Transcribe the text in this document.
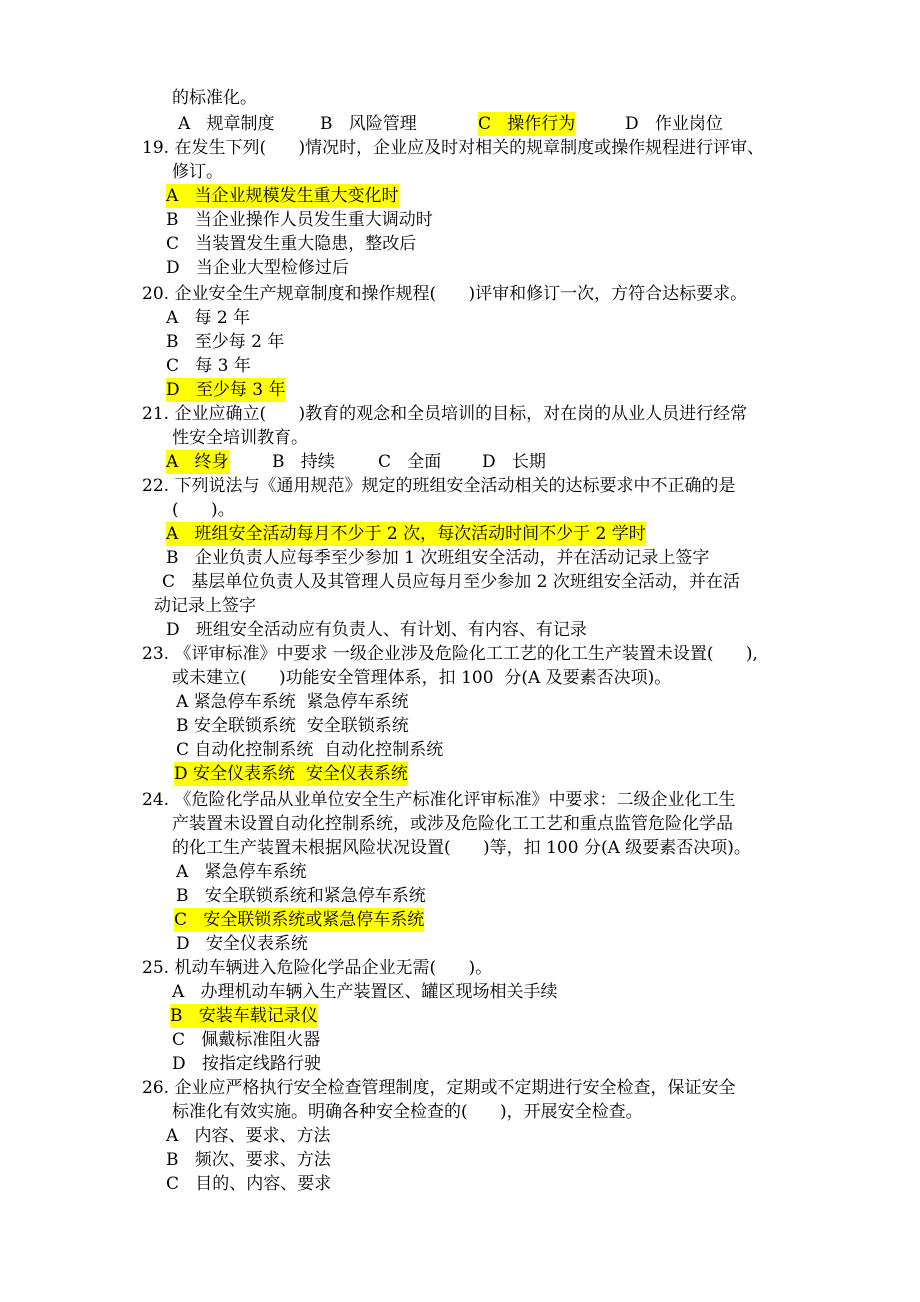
的标准化。
A 规章制度	B 风险管理	C 操作行为	D 作业岗位
19. 在发生下列(      )情况时，企业应及时对相关的规章制度或操作规程进行评审、
修订。
A 当企业规模发生重大变化时
B 当企业操作人员发生重大调动时
C 当装置发生重大隐患，整改后
D 当企业大型检修过后
20. 企业安全生产规章制度和操作规程(      )评审和修订一次，方符合达标要求。
A 每 2 年
B 至少每 2 年
C 每 3 年
D 至少每 3 年
21. 企业应确立(      )教育的观念和全员培训的目标，对在岗的从业人员进行经常
性安全培训教育。
A 终身	B 持续	C 全面 D 长期
22. 下列说法与《通用规范》规定的班组安全活动相关的达标要求中不正确的是
(      )。
A 班组安全活动每月不少于 2 次，每次活动时间不少于 2 学时
B 企业负责人应每季至少参加 1 次班组安全活动，并在活动记录上签字
C 基层单位负责人及其管理人员应每月至少参加 2 次班组安全活动，并在活
动记录上签字
D 班组安全活动应有负责人、有计划、有内容、有记录
23. 《评审标准》中要求 一级企业涉及危险化工工艺的化工生产装置未设置(      ),
或未建立(      )功能安全管理体系，扣 100  分(A 及要素否决项)。
A 紧急停车系统  紧急停车系统
B 安全联锁系统  安全联锁系统
C 自动化控制系统  自动化控制系统
D 安全仪表系统  安全仪表系统
24. 《危险化学品从业单位安全生产标准化评审标准》中要求：二级企业化工生
产装置未设置自动化控制系统，或涉及危险化工工艺和重点监管危险化学品
的化工生产装置未根据风险状况设置(      )等，扣 100 分(A 级要素否决项)。
A 紧急停车系统
B 安全联锁系统和紧急停车系统
C 安全联锁系统或紧急停车系统
D 安全仪表系统
25. 机动车辆进入危险化学品企业无需(      )。
A 办理机动车辆入生产装置区、罐区现场相关手续
B 安装车载记录仪
C 佩戴标准阻火器
D 按指定线路行驶
26. 企业应严格执行安全检查管理制度，定期或不定期进行安全检查，保证安全
标准化有效实施。明确各种安全检查的(      )，开展安全检查。
A 内容、要求、方法
B 频次、要求、方法
C 目的、内容、要求
